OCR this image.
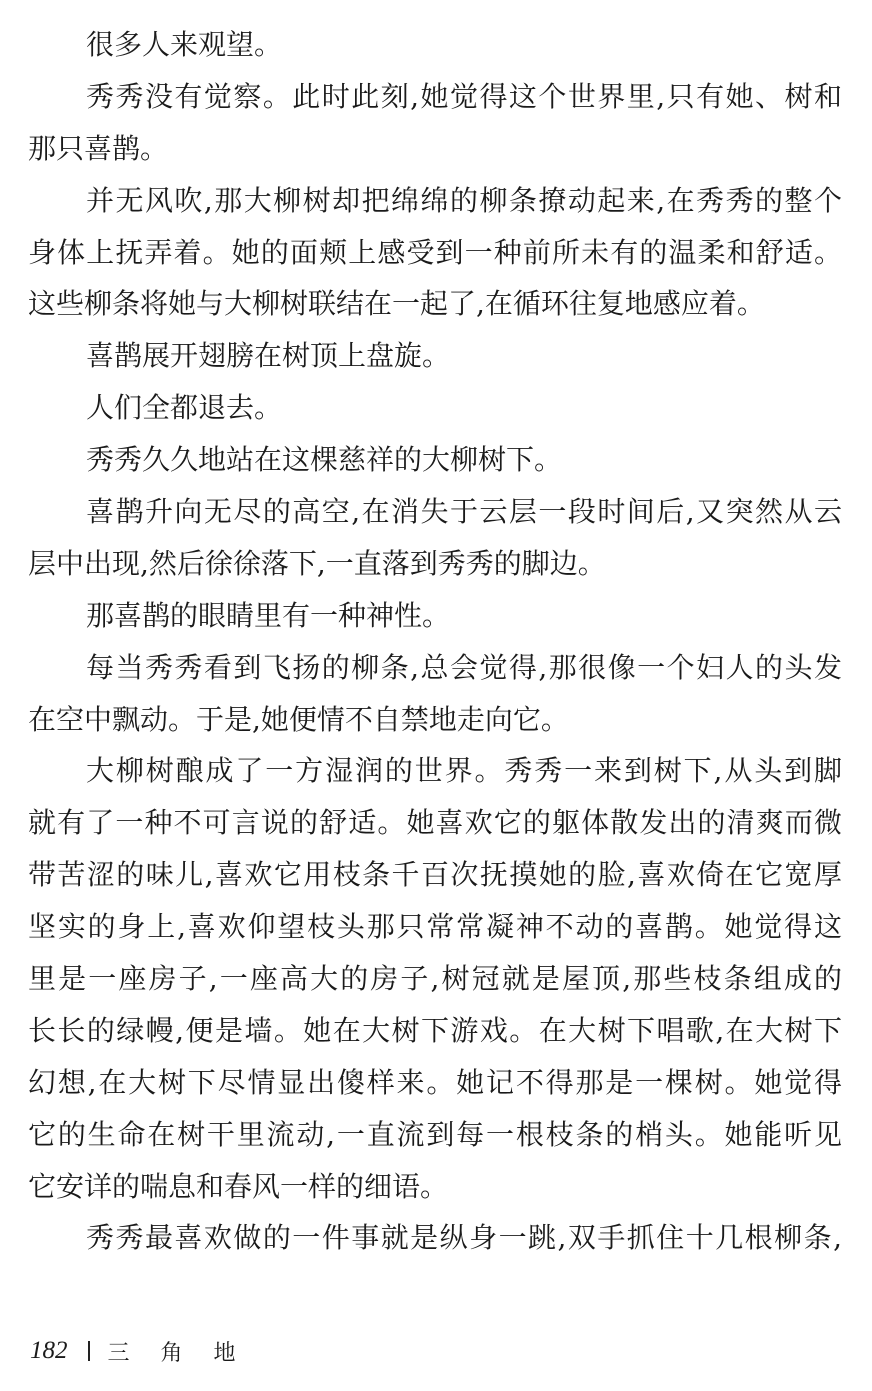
很多人来观望。
秀秀没有觉察。此时此刻,她觉得这个世界里,只有她、树和
那只喜鹊。
并无风吹,那大柳树却把绵绵的柳条撩动起来,在秀秀的整个
身体上抚弄着。她的面颊上感受到一种前所未有的温柔和舒适。
这些柳条将她与大柳树联结在一起了,在循环往复地感应着。
喜鹊展开翅膀在树顶上盘旋。
人们全都退去。
秀秀久久地站在这棵慈祥的大柳树下。
喜鹊升向无尽的高空,在消失于云层一段时间后,又突然从云
层中出现,然后徐徐落下,一直落到秀秀的脚边。
那喜鹊的眼睛里有一种神性。
每当秀秀看到飞扬的柳条,总会觉得,那很像一个妇人的头发
在空中飘动。于是,她便情不自禁地走向它。
大柳树酿成了一方湿润的世界。秀秀一来到树下,从头到脚
就有了一种不可言说的舒适。她喜欢它的躯体散发出的清爽而微
带苦涩的味儿,喜欢它用枝条千百次抚摸她的脸,喜欢倚在它宽厚
坚实的身上,喜欢仰望枝头那只常常凝神不动的喜鹊。她觉得这
里是一座房子,一座高大的房子,树冠就是屋顶,那些枝条组成的
长长的绿幔,便是墙。她在大树下游戏。在大树下唱歌,在大树下
幻想,在大树下尽情显出傻样来。她记不得那是一棵树。她觉得
它的生命在树干里流动,一直流到每一根枝条的梢头。她能听见
它安详的喘息和春风一样的细语。
秀秀最喜欢做的一件事就是纵身一跳,双手抓住十几根柳条,
182 三 角 地
